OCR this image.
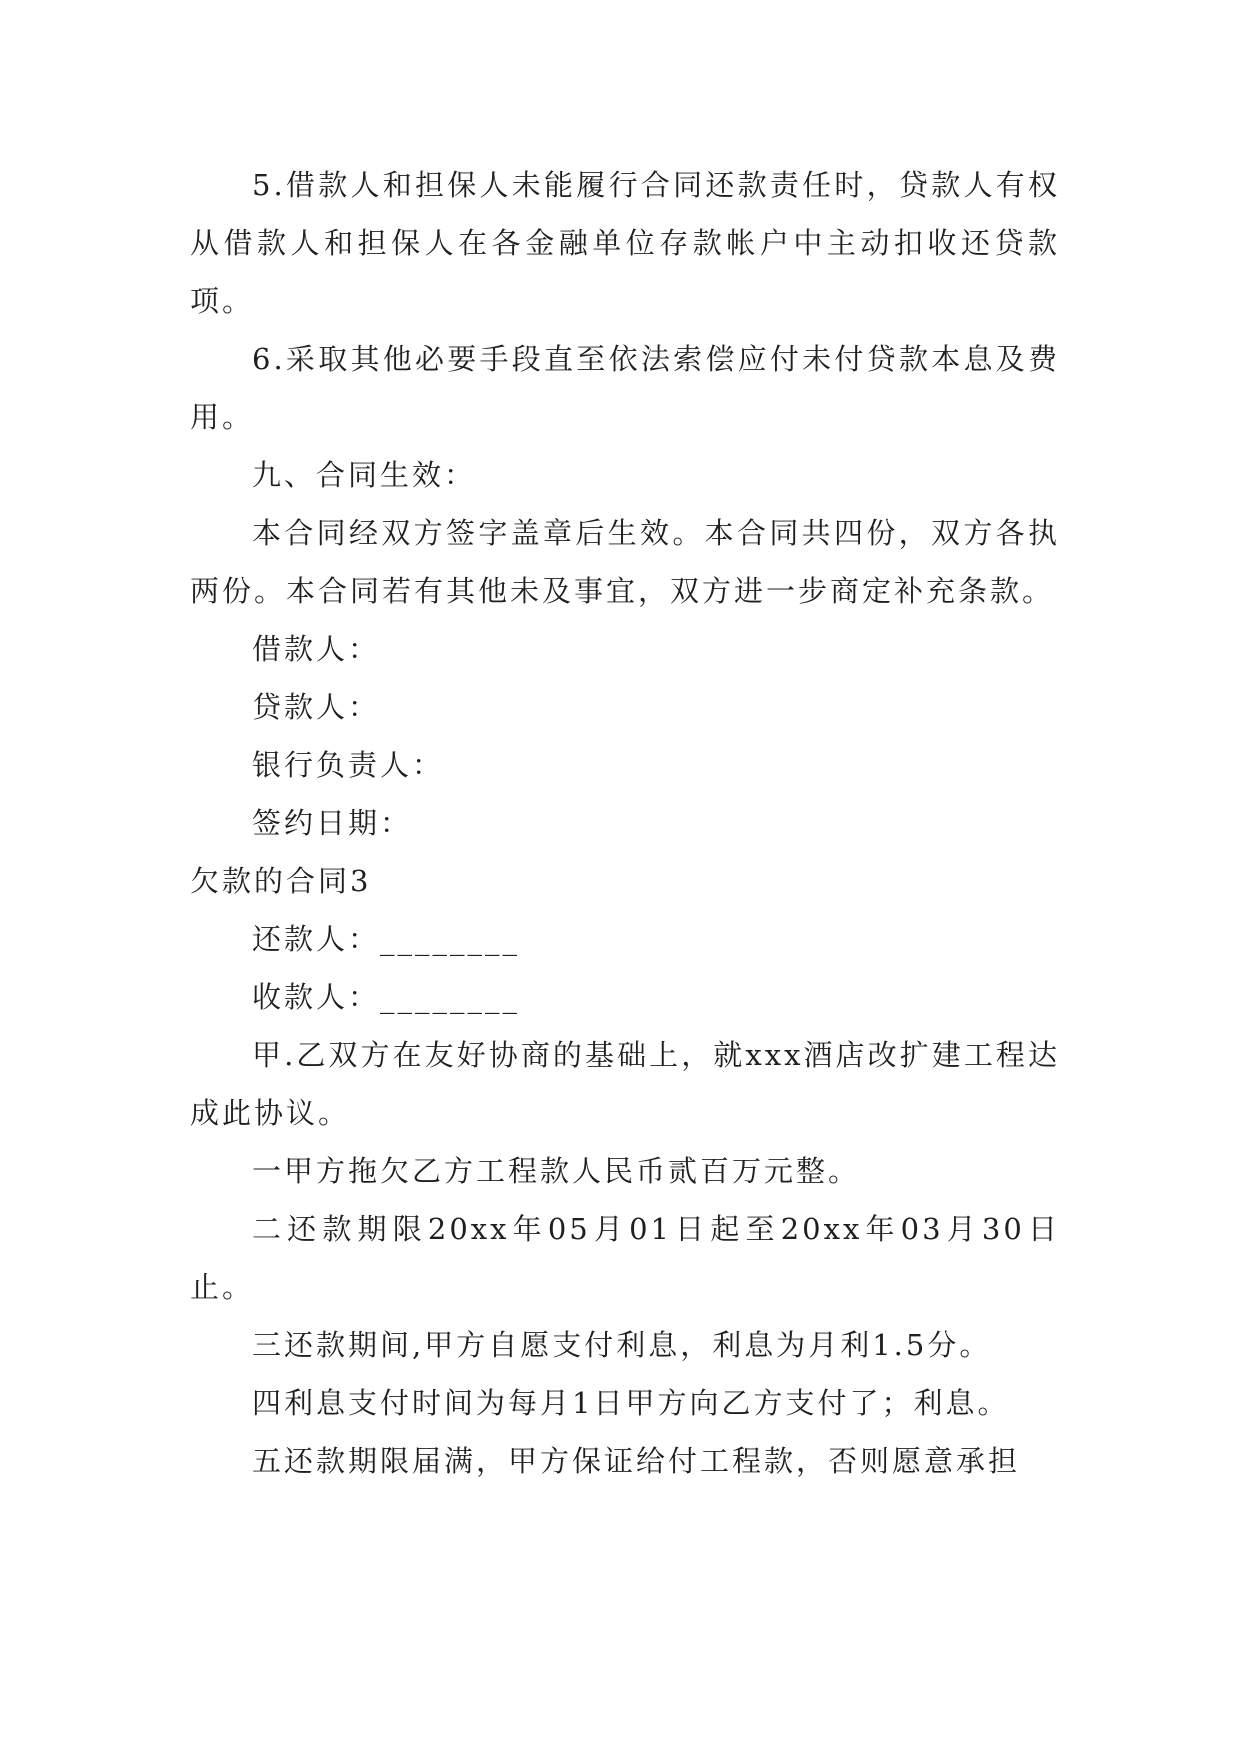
5.借款人和担保人未能履行合同还款责任时，贷款人有权从借款人和担保人在各金融单位存款帐户中主动扣收还贷款项。

6.采取其他必要手段直至依法索偿应付未付贷款本息及费用。

九、合同生效：

本合同经双方签字盖章后生效。本合同共四份，双方各执两份。本合同若有其他未及事宜，双方进一步商定补充条款。

借款人：

贷款人：

银行负责人：

签约日期：

欠款的合同3

还款人：________

收款人：________

甲.乙双方在友好协商的基础上，就xxx酒店改扩建工程达成此协议。

一甲方拖欠乙方工程款人民币贰百万元整。

二还款期限20xx年05月01日起至20xx年03月30日止。

三还款期间,甲方自愿支付利息，利息为月利1.5分。

四利息支付时间为每月1日甲方向乙方支付了；利息。

五还款期限届满，甲方保证给付工程款，否则愿意承担
